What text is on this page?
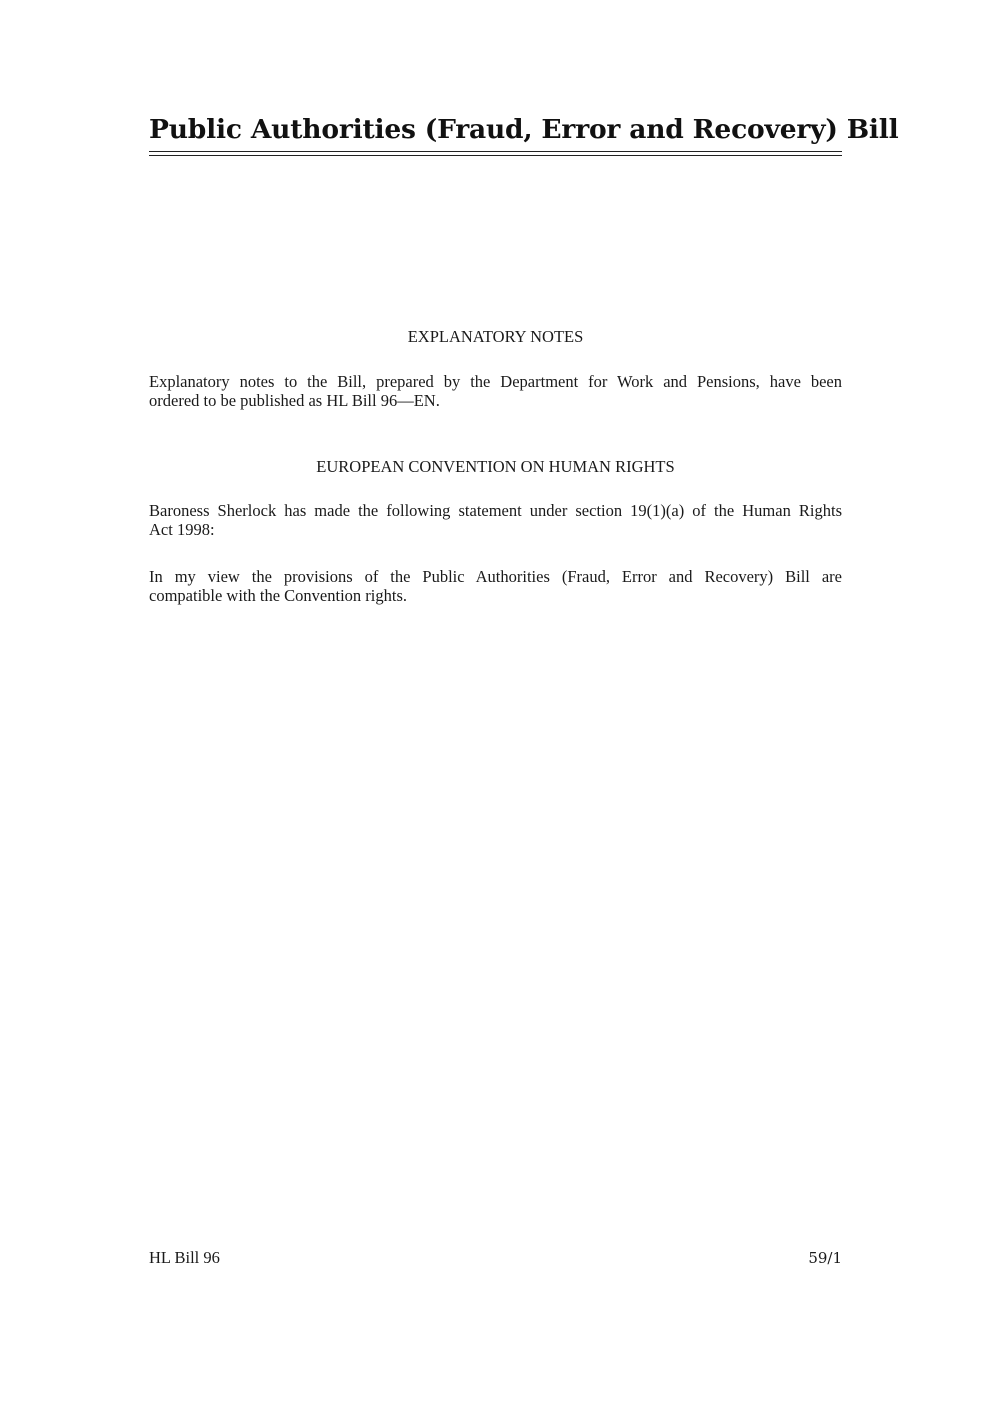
Public Authorities (Fraud, Error and Recovery) Bill
EXPLANATORY NOTES

Explanatory notes to the Bill, prepared by the Department for Work and Pensions, have been
ordered to be published as HL Bill 96—EN.

EUROPEAN CONVENTION ON HUMAN RIGHTS

Baroness Sherlock has made the following statement under section 19(1)(a) of the Human Rights
Act 1998:

In my view the provisions of the Public Authorities (Fraud, Error and Recovery) Bill are
compatible with the Convention rights.

HL Bill 96	59/1
